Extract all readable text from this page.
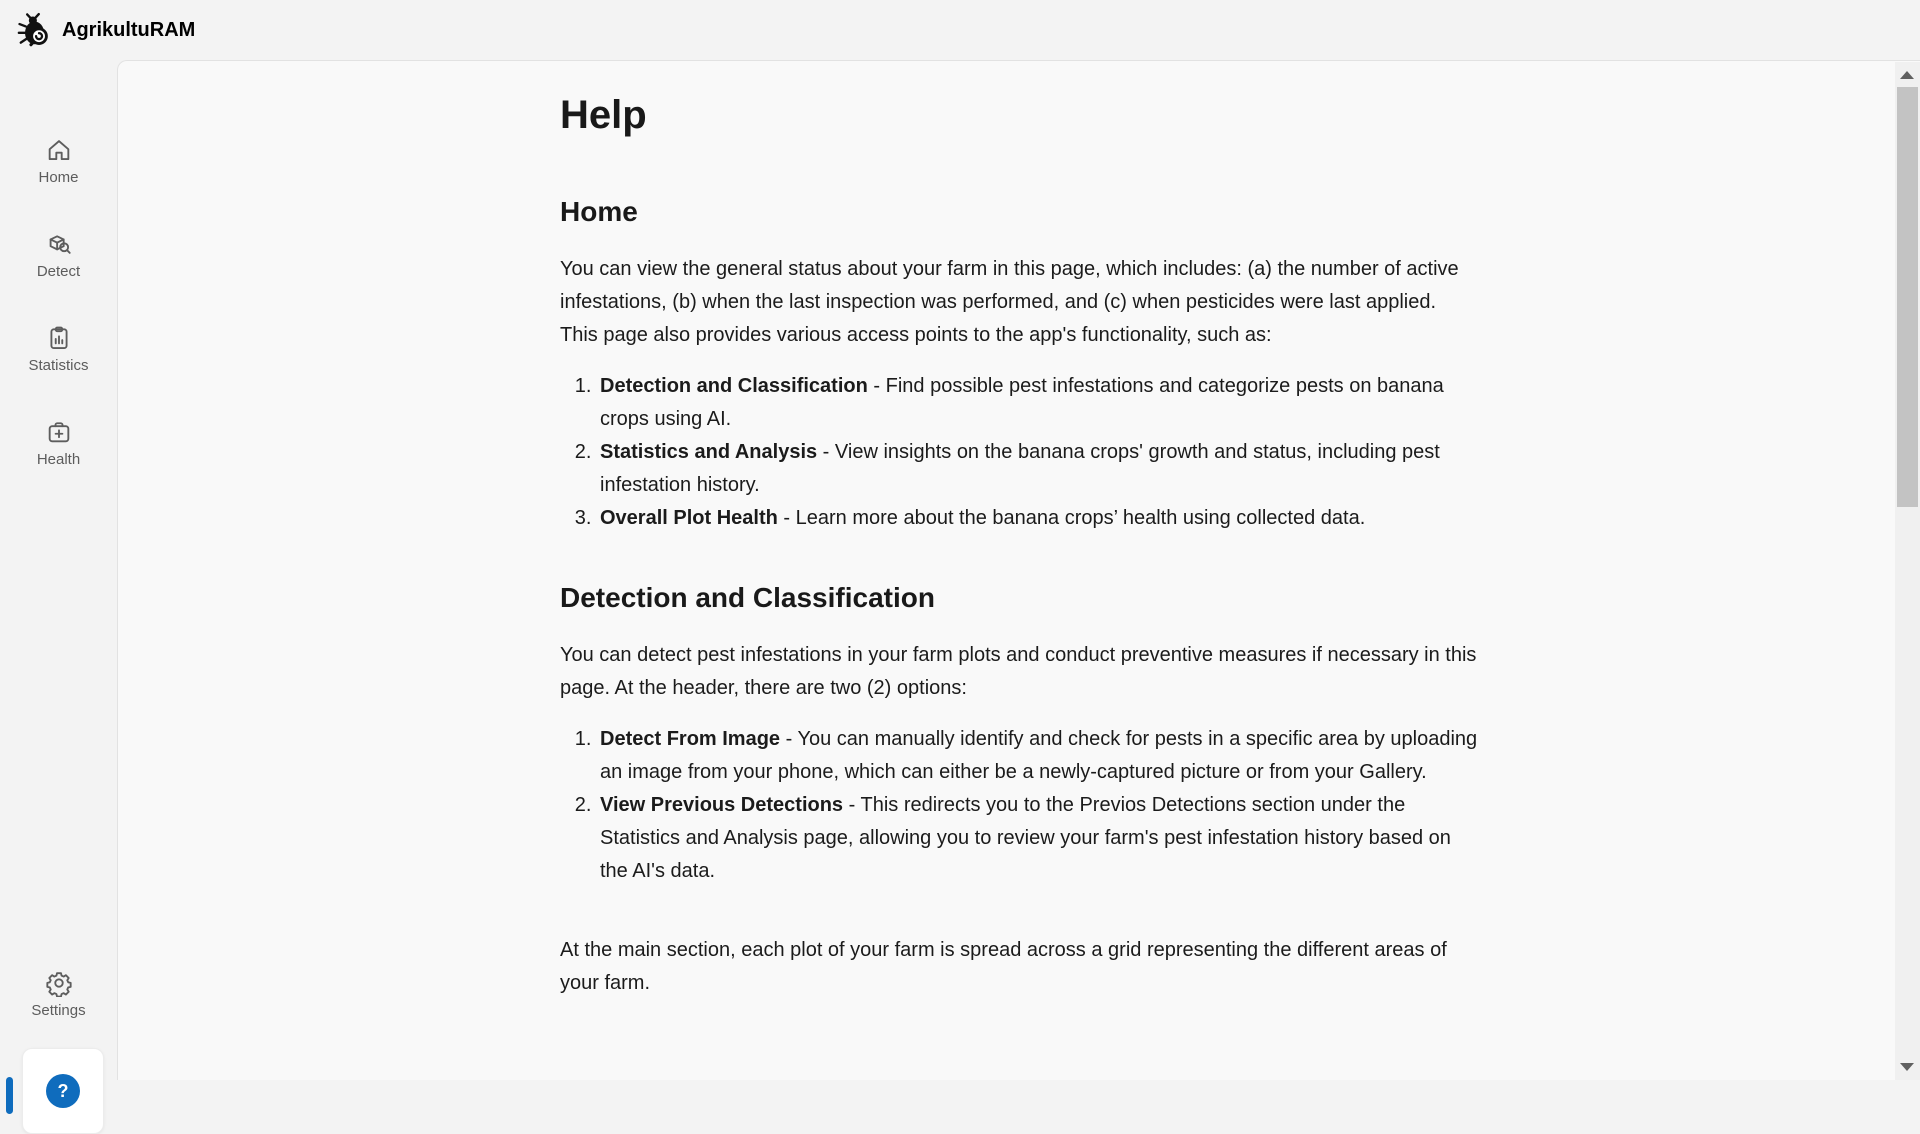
AgrikultuRAM
Home
Detect
Statistics
Health
Settings
?
Help
Home

You can view the general status about your farm in this page, which includes: (a) the number of active infestations, (b) when the last inspection was performed, and (c) when pesticides were last applied. This page also provides various access points to the app's functionality, such as:

1. Detection and Classification - Find possible pest infestations and categorize pests on banana crops using AI.
2. Statistics and Analysis - View insights on the banana crops' growth and status, including pest infestation history.
3. Overall Plot Health - Learn more about the banana crops’ health using collected data.
Detection and Classification

You can detect pest infestations in your farm plots and conduct preventive measures if necessary in this page. At the header, there are two (2) options:

1. Detect From Image - You can manually identify and check for pests in a specific area by uploading an image from your phone, which can either be a newly-captured picture or from your Gallery.
2. View Previous Detections - This redirects you to the Previos Detections section under the Statistics and Analysis page, allowing you to review your farm's pest infestation history based on the AI's data.

At the main section, each plot of your farm is spread across a grid representing the different areas of your farm.
